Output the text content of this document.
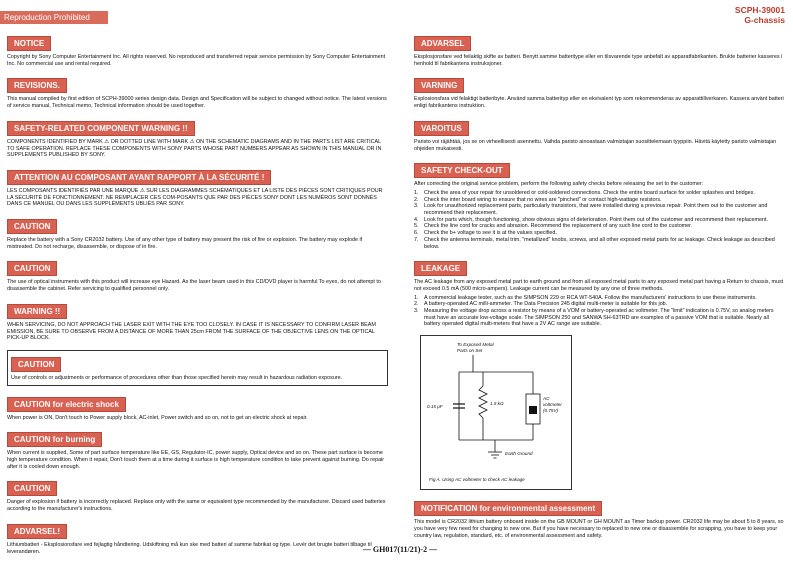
Reproduction Prohibited
SCPH-39001
G-chassis
NOTICE
Copyright by Sony Computer Entertainment Inc. All rights reserved. No reproduced and transferred repair service permission by Sony Computer Entertainment Inc. No commercial use and rental required.
REVISIONS.
This manual compiled by first edition of SCPH-39000 series design data. Design and Specification will be subject to changed without notice. The latest versions of service manual, Technical memo, Technical information should be used together.
SAFETY-RELATED COMPONENT WARNING !!
COMPONENTS IDENTIFIED BY MARK ⚠ OR DOTTED LINE WITH MARK ⚠ ON THE SCHEMATIC DIAGRAMS AND IN THE PARTS LIST ARE CRITICAL TO SAFE OPERATION. REPLACE THESE COMPONENTS WITH SONY PARTS WHOSE PART NUMBERS APPEAR AS SHOWN IN THIS MANUAL OR IN SUPPLEMENTS PUBLISHED BY SONY.
ATTENTION AU COMPOSANT AYANT RAPPORT À LA SÉCURITÉ !
LES COMPOSANTS IDENTIFIÉS PAR UNE MARQUE ⚠ SUR LES DIAGRAMMES SCHÉMATIQUES ET LA LISTE DES PIÈCES SONT CRITIQUES POUR LA SÉCURITÉ DE FONCTIONNEMENT. NE REMPLACER CES COM-POSANTS QUE PAR DES PIÈCES SONY DONT LES NUMÉROS SONT DONNÉS DANS CE MANUEL OU DANS LES SUPPLÉMENTS UBLIÉS PAR SONY.
CAUTION
Replace the battery with a Sony CR2032 battery. Use of any other type of battery may present the risk of fire or explosion. The battery may explode if mistreated. Do not recharge, disassemble, or dispose of in fire.
CAUTION
The use of optical instruments with this product will increase eye Hazard. As the laser beam used in this CD/DVD player is harmful To eyes, do not attempt to disassemble the cabinet. Refer servicing to qualified personnel only.
WARNING !!
WHEN SERVICING, DO NOT APPROACH THE LASER EXIT WITH THE EYE TOO CLOSELY. IN CASE IT IS NECESSARY TO CONFIRM LASER BEAM EMISSION, BE SURE TO OBSERVE FROM A DISTANCE OF MORE THAN 25cm FROM THE SURFACE OF THE OBJECTIVE LENS ON THE OPTICAL PICK-UP BLOCK.
CAUTION
Use of controls or adjustments or performance of procedures other than those specified herein may result in hazardous radiation exposure.
CAUTION for electric shock
When power is ON, Don't touch to Power supply block, AC-inlet, Power switch and so on, not to get an electric shock at repair.
CAUTION for burning
When current is supplied, Some of part surface temperature like EE, GS, Regulator-IC, power supply, Optical device and so on. These part surface is become high temperature condition. When it repair, Don't touch them at a time during it surface is high temperature condition to take prevent against burning. Do repair after it is cooled down enough.
CAUTION
Danger of explosion if battery is incorrectly replaced. Replace only with the same or equivalent type recommended by the manufacturer. Discard used batteries according to the manufacturer's instructions.
ADVARSEL!
Lithiumbatteri - Eksplosionsfare ved fejlagtig håndtering. Udskiftning må kun ske med batteri af samme fabrikat og type. Levér det brugte batteri tilbage til leverandøren.
ADVARSEL
Eksplosjonsfare ved feilaktig skifte av batteri. Benytt samme batteritype eller en tilsvarende type anbefalt av apparatfabrikanten. Brukte batterier kasseres i henhold til fabrikantens instruksjoner.
VARNING
Explosionsfara vid felaktigt batteribyte. Använd samma batterityp eller en ekvivalent typ som rekommenderas av apparattillverkaren. Kassera använt batteri enligt fabrikantens instruktion.
VAROITUS
Paristo voi räjähtää, jos se on virheellisesti asennettu. Vaihda paristo ainoastaan valmistajan suosittelemaan tyyppiin. Hävitä käytetty paristo valmistajan ohjeiden mukaisesti.
SAFETY CHECK-OUT
After correcting the original service problem, perform the following safety checks before releasing the set to the customer:
1.	Check the area of your repair for unsoldered or cold-soldered connections. Check the entire board surface for solder splashes and bridges.
2.	Check the inter board wiring to ensure that no wires are "pinched" or contact high-wattage resistors.
3.	Look for unauthorized replacement parts, particularly transistors, that were installed during a previous repair. Point them out to the customer and recommend their replacement.
4.	Look for parts which, though functioning, show obvious signs of deterioration. Point them out of the customer and recommend their replacement.
5.	Check the line cord for cracks and abrasion. Recommend the replacement of any such line cord to the customer.
6.	Check the b+ voltage to see it is at the values specified.
7.	Check the antenna terminals, metal trim, "metallized" knobs, screws, and all other exposed metal parts for ac leakage. Check leakage as described below.
LEAKAGE
The AC leakage from any exposed metal part to earth ground and from all exposed metal parts to any exposed metal part having a Return to chassis, must not exceed 0.5 mA (500 micro-ampers). Leakage current can be measured by any one of three methods.
1.	A commercial leakage tester, such as the SIMPSON 229 or RCA WT-540A. Follow the manufacturers' instructions to use these instruments.
2.	A battery-operated AC milli-ammeter. The Data Precision 245 digital multi-meter is suitable for this job.
3.	Measuring the voltage drop across a resistor by means of a VOM or battery-operated ac voltmeter. The "limit" indication is 0.75V, so analog meters must have an accurate low-voltage scale. The SIMPSON 250 and SANWA SH-63TRD are examples of a passive VOM that is suitable. Nearly all battery operated digital multi-meters that have a 2V AC range are suitable.
To Exposed Metal
Parts on Set
0.15 μF
1.5 kΩ
AC
voltmeter
(0.75V)
Earth Ground
Fig A. Using AC voltmeter to check AC leakage
NOTIFICATION for environmental assessment
This model is CR2032 lithium battery onboard inside on the GB MOUNT or GH MOUNT as Timer backup power. CR2032 life may be about 5 to 8 years, so you have very few need for changing to new one. But if you have necessary to replaced to new one or disassemble for scrapping, you have to keep your country law, regulation, standard, etc. of environmental assessment and safety.
— GH017(11/21)-2 —
